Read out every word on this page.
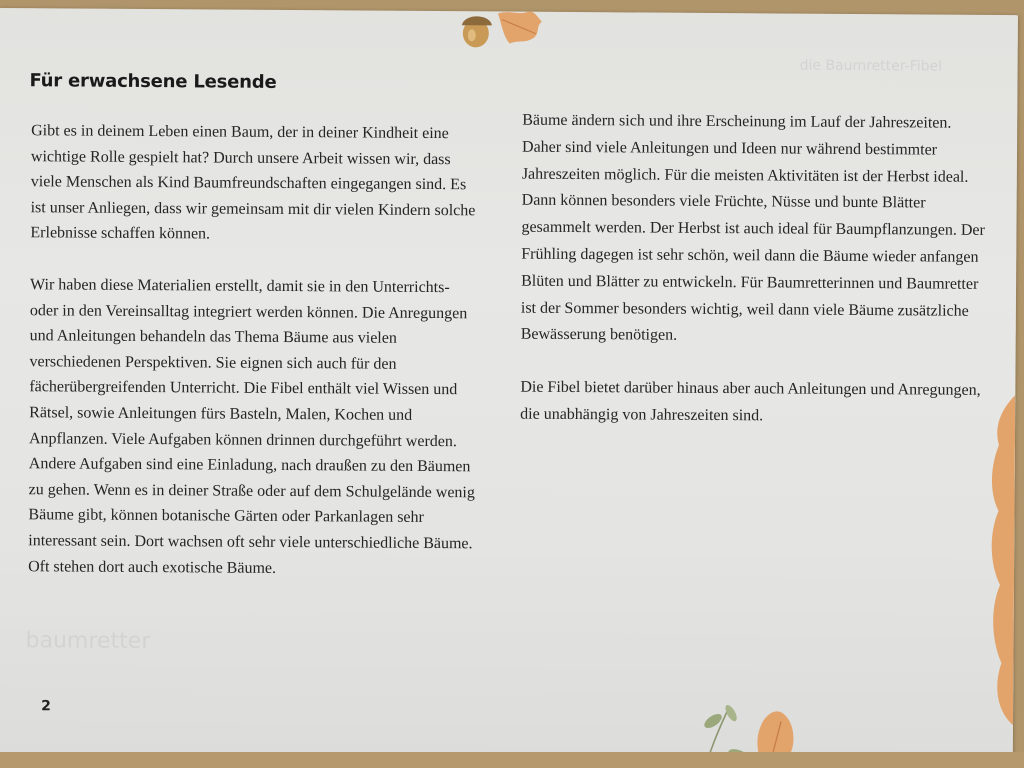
die Baumretter-Fibel
baumretter
Für erwachsene Lesende

Gibt es in deinem Leben einen Baum, der in deiner Kindheit eine wichtige Rolle gespielt hat? Durch unsere Arbeit wissen wir, dass viele Menschen als Kind Baumfreundschaften eingegangen sind. Es ist unser Anliegen, dass wir gemeinsam mit dir vielen Kindern solche Erlebnisse schaffen können.

Wir haben diese Materialien erstellt, damit sie in den Unterrichts- oder in den Vereinsalltag integriert werden können. Die Anregungen und Anleitungen behandeln das Thema Bäume aus vielen verschiedenen Perspektiven. Sie eignen sich auch für den fächerübergreifenden Unterricht. Die Fibel enthält viel Wissen und Rätsel, sowie Anleitungen fürs Basteln, Malen, Kochen und Anpflanzen. Viele Aufgaben können drinnen durchgeführt werden. Andere Aufgaben sind eine Einladung, nach draußen zu den Bäumen zu gehen. Wenn es in deiner Straße oder auf dem Schulgelände wenig Bäume gibt, können botanische Gärten oder Parkanlagen sehr interessant sein. Dort wachsen oft sehr viele unterschiedliche Bäume. Oft stehen dort auch exotische Bäume.

Bäume ändern sich und ihre Erscheinung im Lauf der Jahreszeiten. Daher sind viele Anleitungen und Ideen nur während bestimmter Jahreszeiten möglich. Für die meisten Aktivitäten ist der Herbst ideal. Dann können besonders viele Früchte, Nüsse und bunte Blätter gesammelt werden. Der Herbst ist auch ideal für Baumpflanzungen. Der Frühling dagegen ist sehr schön, weil dann die Bäume wieder anfangen Blüten und Blätter zu entwickeln. Für Baumretterinnen und Baumretter ist der Sommer besonders wichtig, weil dann viele Bäume zusätzliche Bewässerung benötigen.

Die Fibel bietet darüber hinaus aber auch Anleitungen und Anregungen, die unabhängig von Jahreszeiten sind.

2
